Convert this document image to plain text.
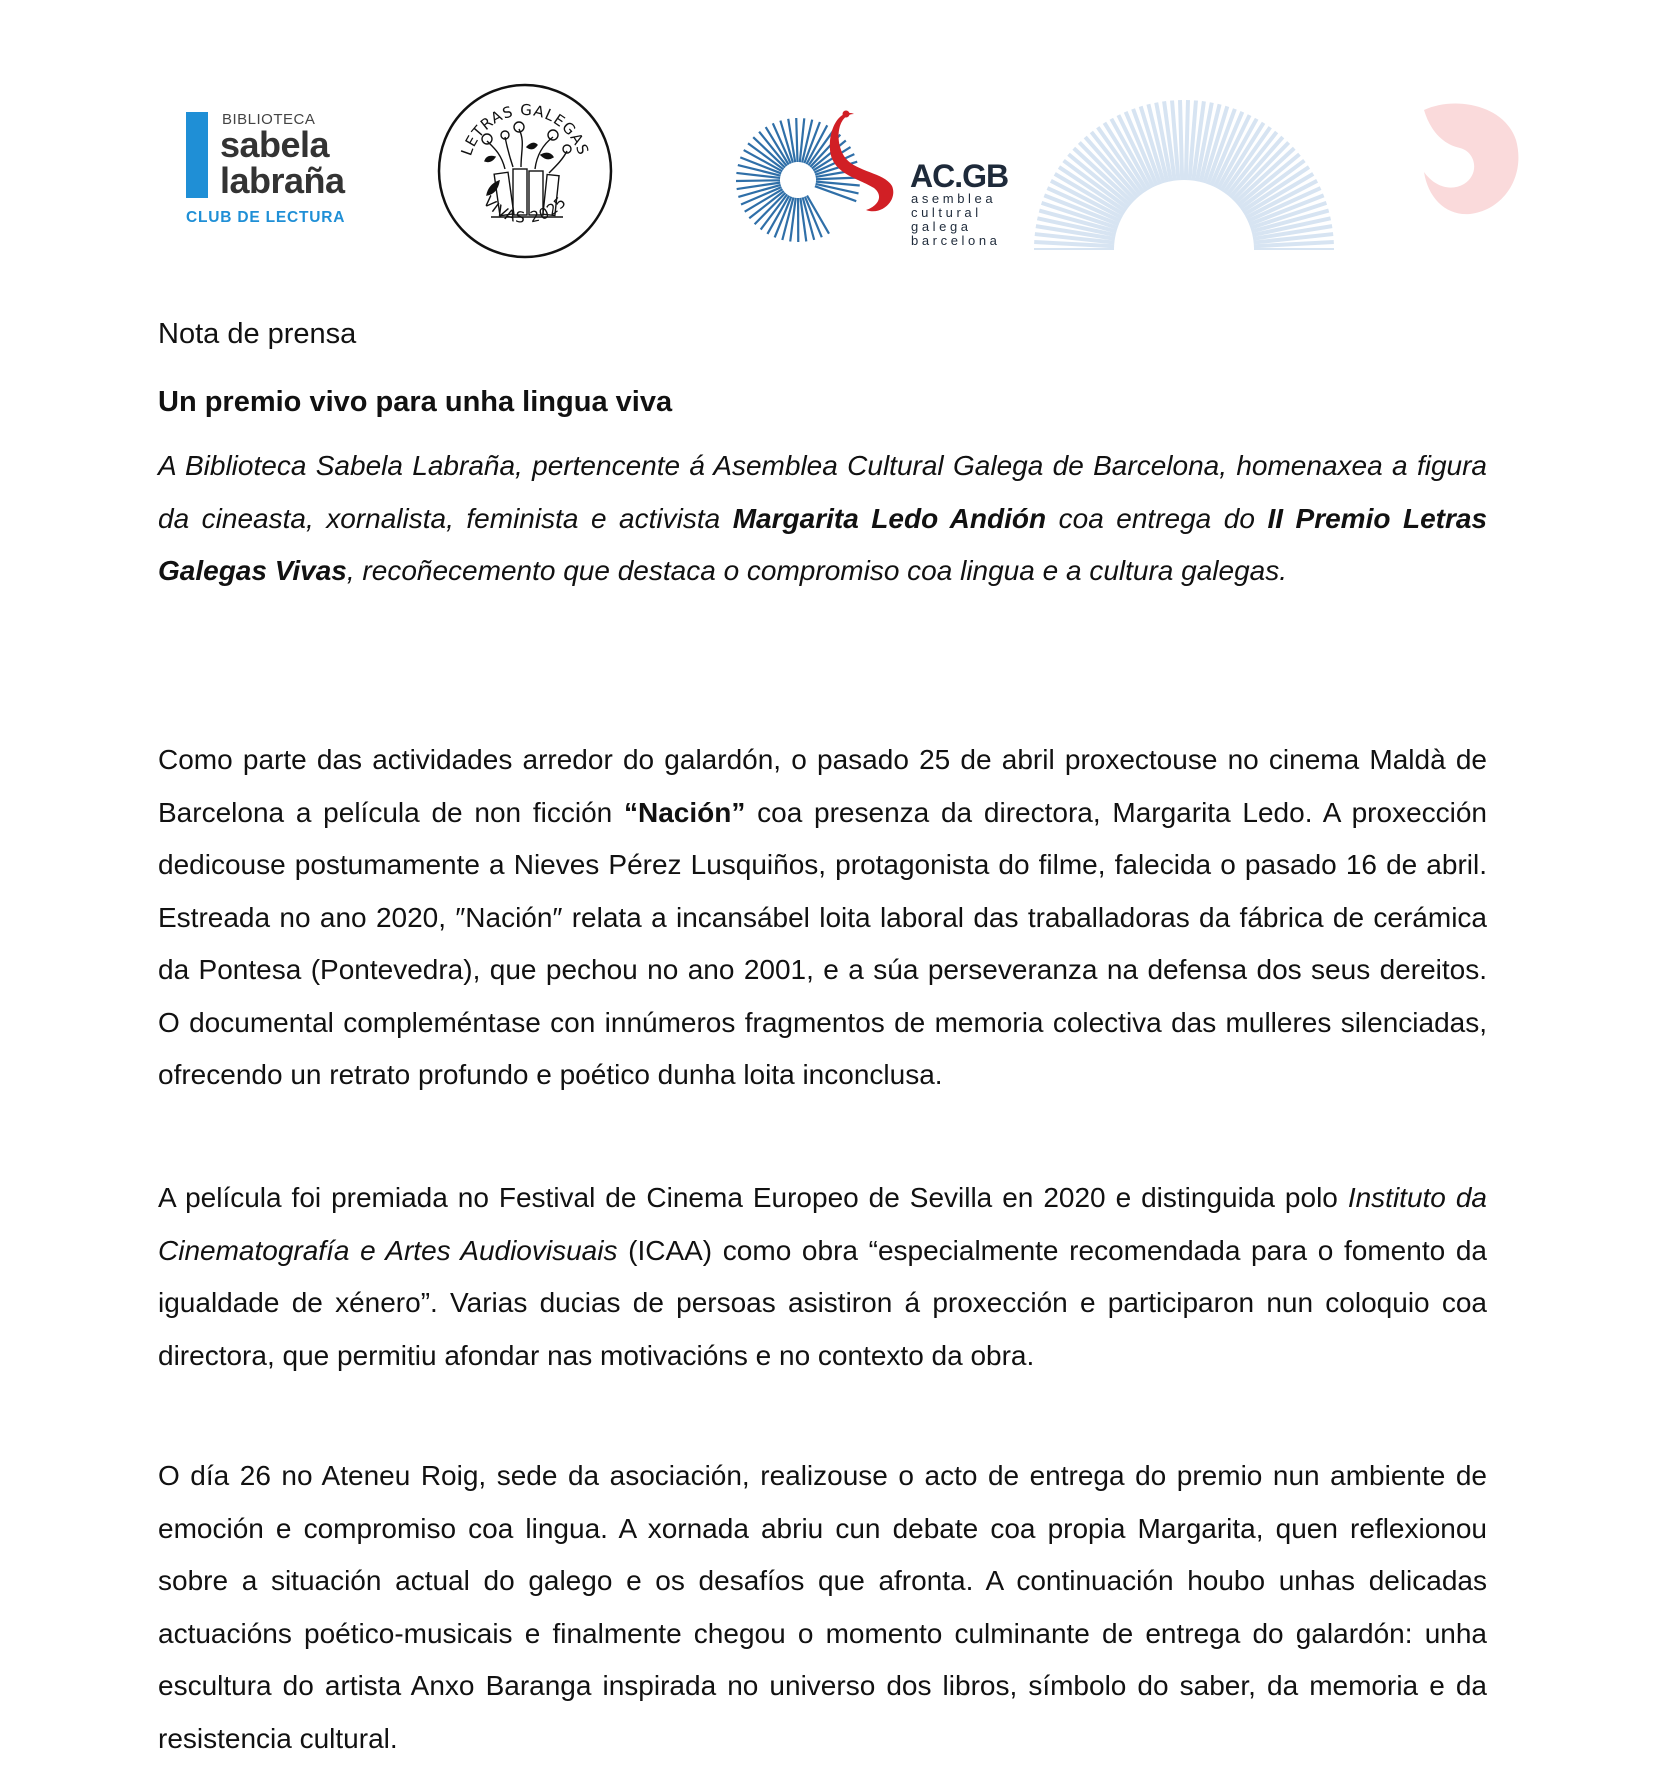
BIBLIOTECA
sabela
labraña
CLUB DE LECTURA
LETRAS GALEGAS
VIVAS 2025
AC.GB
asemblea
cultural
galega
barcelona
Nota de prensa
Un premio vivo para unha lingua viva

A Biblioteca Sabela Labraña, pertencente á Asemblea Cultural Galega de Barcelona, homenaxea a figura da cineasta, xornalista, feminista e activista Margarita Ledo Andión coa entrega do II Premio Letras Galegas Vivas, recoñecemento que destaca o compromiso coa lingua e a cultura galegas.

Como parte das actividades arredor do galardón, o pasado 25 de abril proxectouse no cinema Maldà de Barcelona a película de non ficción “Nación” coa presenza da directora, Margarita Ledo. A proxección dedicouse postumamente a Nieves Pérez Lusquiños, protagonista do filme, falecida o pasado 16 de abril. Estreada no ano 2020, ″Nación″ relata a incansábel loita laboral das traballadoras da fábrica de cerámica da Pontesa (Pontevedra), que pechou no ano 2001, e a súa perseveranza na defensa dos seus dereitos. O documental compleméntase con innúmeros fragmentos de memoria colectiva das mulleres silenciadas, ofrecendo un retrato profundo e poético dunha loita inconclusa.

A película foi premiada no Festival de Cinema Europeo de Sevilla en 2020 e distinguida polo Instituto da Cinematografía e Artes Audiovisuais (ICAA) como obra “especialmente recomendada para o fomento da igualdade de xénero”. Varias ducias de persoas asistiron á proxección e participaron nun coloquio coa directora, que permitiu afondar nas motivacións e no contexto da obra.

O día 26 no Ateneu Roig, sede da asociación, realizouse o acto de entrega do premio nun ambiente de emoción e compromiso coa lingua. A xornada abriu cun debate coa propia Margarita, quen reflexionou sobre a situación actual do galego e os desafíos que afronta. A continuación houbo unhas delicadas actuacións poético-musicais e finalmente chegou o momento culminante de entrega do galardón: unha escultura do artista Anxo Baranga inspirada no universo dos libros, símbolo do saber, da memoria e da resistencia cultural.
